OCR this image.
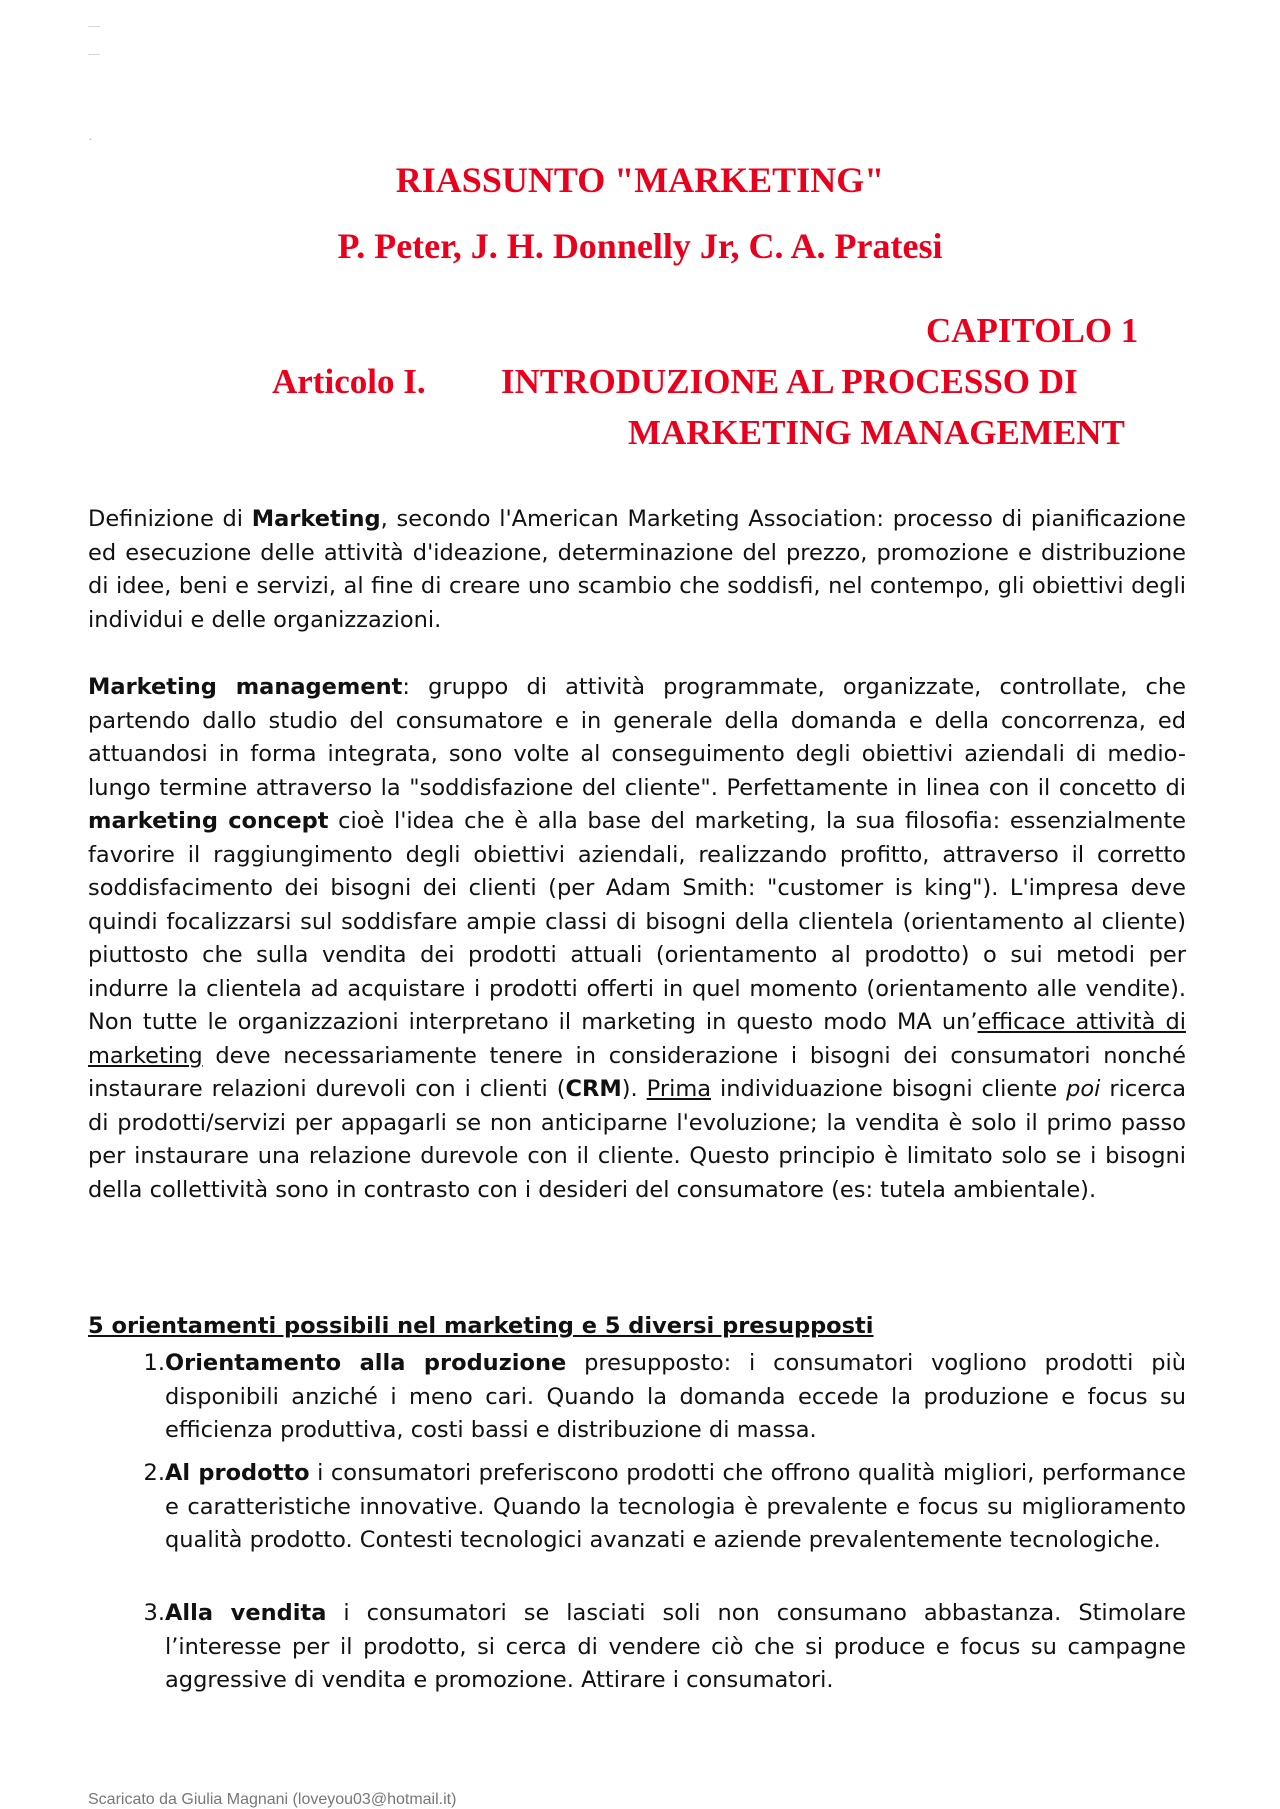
———
———
´
RIASSUNTO "MARKETING"
P. Peter, J. H. Donnelly Jr, C. A. Pratesi
CAPITOLO 1
Articolo I. INTRODUZIONE AL PROCESSO DI
MARKETING MANAGEMENT
Definizione di Marketing, secondo l'American Marketing Association: processo di pianificazione ed esecuzione delle attività d'ideazione, determinazione del prezzo, promozione e distribuzione di idee, beni e servizi, al fine di creare uno scambio che soddisfi, nel contempo, gli obiettivi degli individui e delle organizzazioni.
Marketing management: gruppo di attività programmate, organizzate, controllate, che partendo dallo studio del consumatore e in generale della domanda e della concorrenza, ed attuandosi in forma integrata, sono volte al conseguimento degli obiettivi aziendali di medio-lungo termine attraverso la "soddisfazione del cliente". Perfettamente in linea con il concetto di marketing concept cioè l'idea che è alla base del marketing, la sua filosofia: essenzialmente favorire il raggiungimento degli obiettivi aziendali, realizzando profitto, attraverso il corretto soddisfacimento dei bisogni dei clienti (per Adam Smith: "customer is king"). L'impresa deve quindi focalizzarsi sul soddisfare ampie classi di bisogni della clientela (orientamento al cliente) piuttosto che sulla vendita dei prodotti attuali (orientamento al prodotto) o sui metodi per indurre la clientela ad acquistare i prodotti offerti in quel momento (orientamento alle vendite). Non tutte le organizzazioni interpretano il marketing in questo modo MA un’efficace attività di marketing deve necessariamente tenere in considerazione i bisogni dei consumatori nonché instaurare relazioni durevoli con i clienti (CRM). Prima individuazione bisogni cliente poi ricerca di prodotti/servizi per appagarli se non anticiparne l'evoluzione; la vendita è solo il primo passo per instaurare una relazione durevole con il cliente. Questo principio è limitato solo se i bisogni della collettività sono in contrasto con i desideri del consumatore (es: tutela ambientale).
5 orientamenti possibili nel marketing e 5 diversi presupposti
1. Orientamento alla produzione presupposto: i consumatori vogliono prodotti più disponibili anziché i meno cari. Quando la domanda eccede la produzione e focus su efficienza produttiva, costi bassi e distribuzione di massa.
2. Al prodotto i consumatori preferiscono prodotti che offrono qualità migliori, performance e caratteristiche innovative. Quando la tecnologia è prevalente e focus su miglioramento qualità prodotto. Contesti tecnologici avanzati e aziende prevalentemente tecnologiche.
3. Alla vendita i consumatori se lasciati soli non consumano abbastanza. Stimolare l’interesse per il prodotto, si cerca di vendere ciò che si produce e focus su campagne aggressive di vendita e promozione. Attirare i consumatori.
Scaricato da Giulia Magnani (loveyou03@hotmail.it)
